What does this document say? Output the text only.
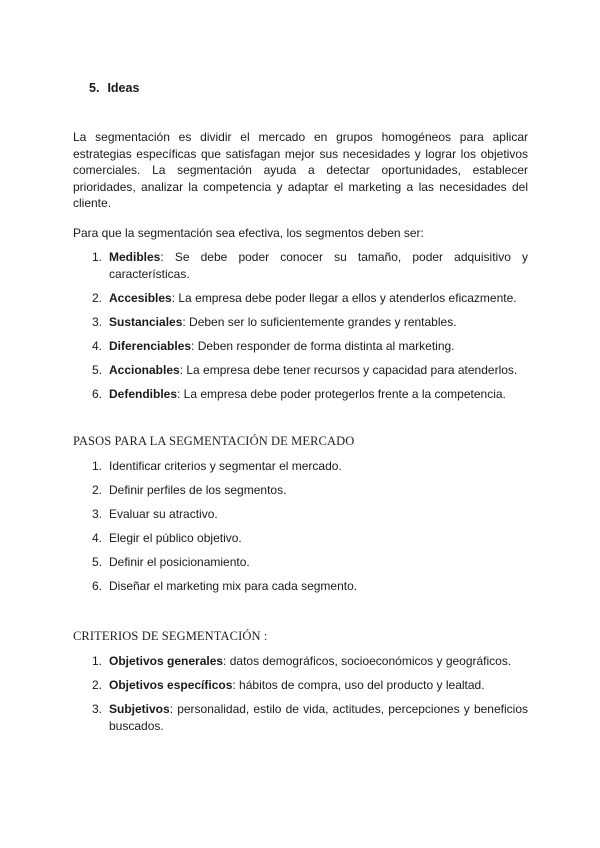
5. Ideas

La segmentación es dividir el mercado en grupos homogéneos para aplicar estrategias específicas que satisfagan mejor sus necesidades y lograr los objetivos comerciales. La segmentación ayuda a detectar oportunidades, establecer prioridades, analizar la competencia y adaptar el marketing a las necesidades del cliente.

Para que la segmentación sea efectiva, los segmentos deben ser:

1. Medibles: Se debe poder conocer su tamaño, poder adquisitivo y características.
2. Accesibles: La empresa debe poder llegar a ellos y atenderlos eficazmente.
3. Sustanciales: Deben ser lo suficientemente grandes y rentables.
4. Diferenciables: Deben responder de forma distinta al marketing.
5. Accionables: La empresa debe tener recursos y capacidad para atenderlos.
6. Defendibles: La empresa debe poder protegerlos frente a la competencia.
PASOS PARA LA SEGMENTACIÓN DE MERCADO
1. Identificar criterios y segmentar el mercado.
2. Definir perfiles de los segmentos.
3. Evaluar su atractivo.
4. Elegir el público objetivo.
5. Definir el posicionamiento.
6. Diseñar el marketing mix para cada segmento.
CRITERIOS DE SEGMENTACIÓN :
1. Objetivos generales: datos demográficos, socioeconómicos y geográficos.
2. Objetivos específicos: hábitos de compra, uso del producto y lealtad.
3. Subjetivos: personalidad, estilo de vida, actitudes, percepciones y beneficios buscados.
